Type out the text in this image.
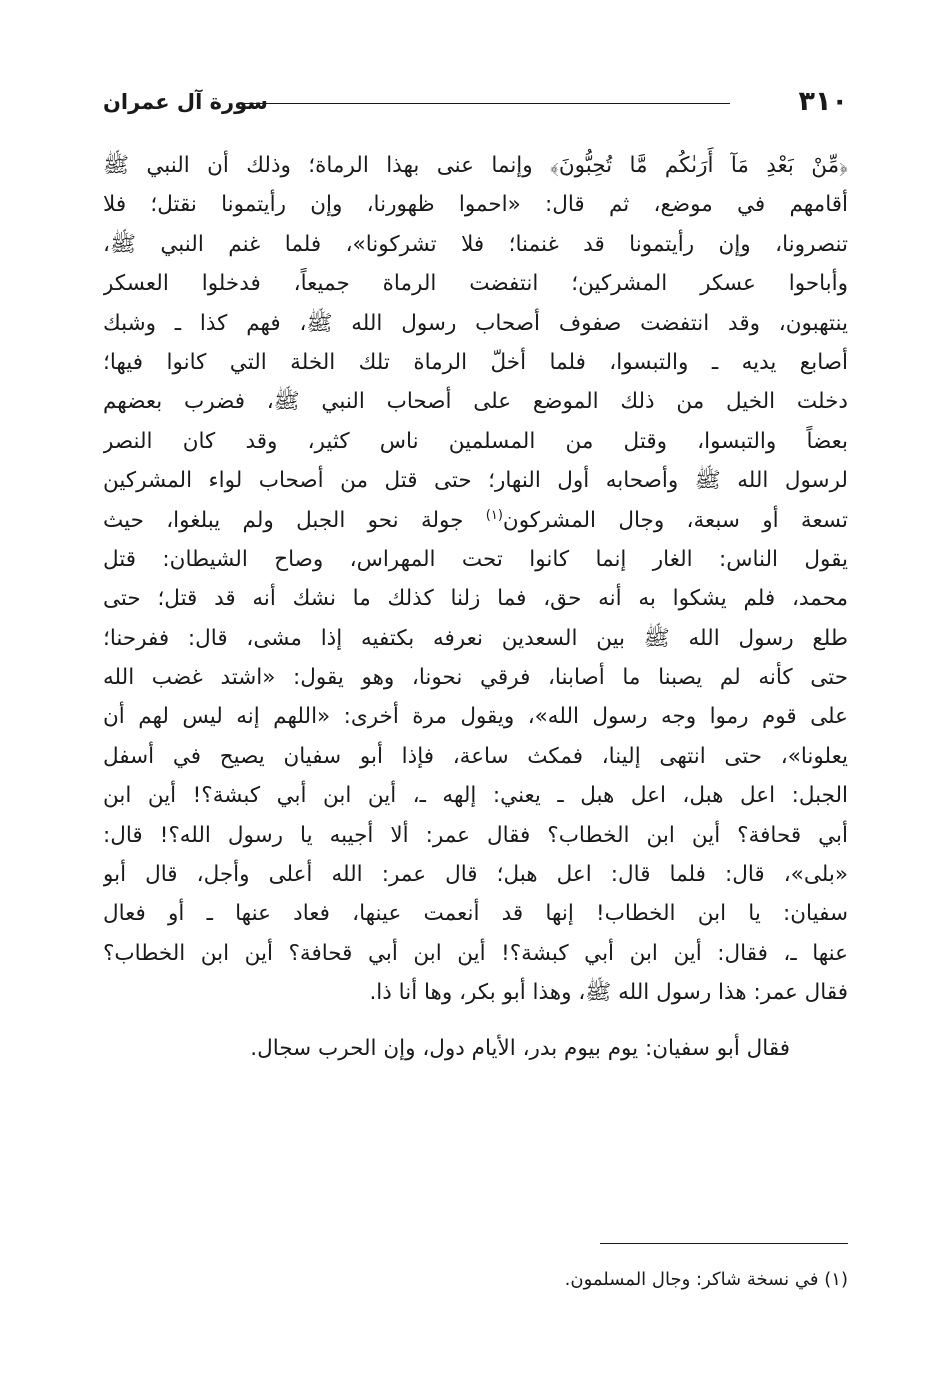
٣١٠
سورة آل عمران
﴿مِّنْ بَعْدِ مَآ أَرَىٰكُم مَّا تُحِبُّونَ﴾ وإنما عنى بهذا الرماة؛ وذلك أن النبي ﷺ
أقامهم في موضع، ثم قال: «احموا ظهورنا، وإن رأيتمونا نقتل؛ فلا
تنصرونا، وإن رأيتمونا قد غنمنا؛ فلا تشركونا»، فلما غنم النبي ﷺ،
وأباحوا عسكر المشركين؛ انتفضت الرماة جميعاً، فدخلوا العسكر
ينتهبون، وقد انتفضت صفوف أصحاب رسول الله ﷺ، فهم كذا ـ وشبك
أصابع يديه ـ والتبسوا، فلما أخلّ الرماة تلك الخلة التي كانوا فيها؛
دخلت الخيل من ذلك الموضع على أصحاب النبي ﷺ، فضرب بعضهم
بعضاً والتبسوا، وقتل من المسلمين ناس كثير، وقد كان النصر
لرسول الله ﷺ وأصحابه أول النهار؛ حتى قتل من أصحاب لواء المشركين
تسعة أو سبعة، وجال المشركون$^{(١)}$ جولة نحو الجبل ولم يبلغوا، حيث
يقول الناس: الغار إنما كانوا تحت المهراس، وصاح الشيطان: قتل
محمد، فلم يشكوا به أنه حق، فما زلنا كذلك ما نشك أنه قد قتل؛ حتى
طلع رسول الله ﷺ بين السعدين نعرفه بكتفيه إذا مشى، قال: ففرحنا؛
حتى كأنه لم يصبنا ما أصابنا، فرقي نحونا، وهو يقول: «اشتد غضب الله
على قوم رموا وجه رسول الله»، ويقول مرة أخرى: «اللهم إنه ليس لهم أن
يعلونا»، حتى انتهى إلينا، فمكث ساعة، فإذا أبو سفيان يصيح في أسفل
الجبل: اعل هبل، اعل هبل ـ يعني: إلهه ـ، أين ابن أبي كبشة؟! أين ابن
أبي قحافة؟ أين ابن الخطاب؟ فقال عمر: ألا أجيبه يا رسول الله؟! قال:
«بلى»، قال: فلما قال: اعل هبل؛ قال عمر: الله أعلى وأجل، قال أبو
سفيان: يا ابن الخطاب! إنها قد أنعمت عينها، فعاد عنها ـ أو فعال
عنها ـ، فقال: أين ابن أبي كبشة؟! أين ابن أبي قحافة؟ أين ابن الخطاب؟
فقال عمر: هذا رسول الله ﷺ، وهذا أبو بكر، وها أنا ذا.
فقال أبو سفيان: يوم بيوم بدر، الأيام دول، وإن الحرب سجال.
(١) في نسخة شاكر: وجال المسلمون.
